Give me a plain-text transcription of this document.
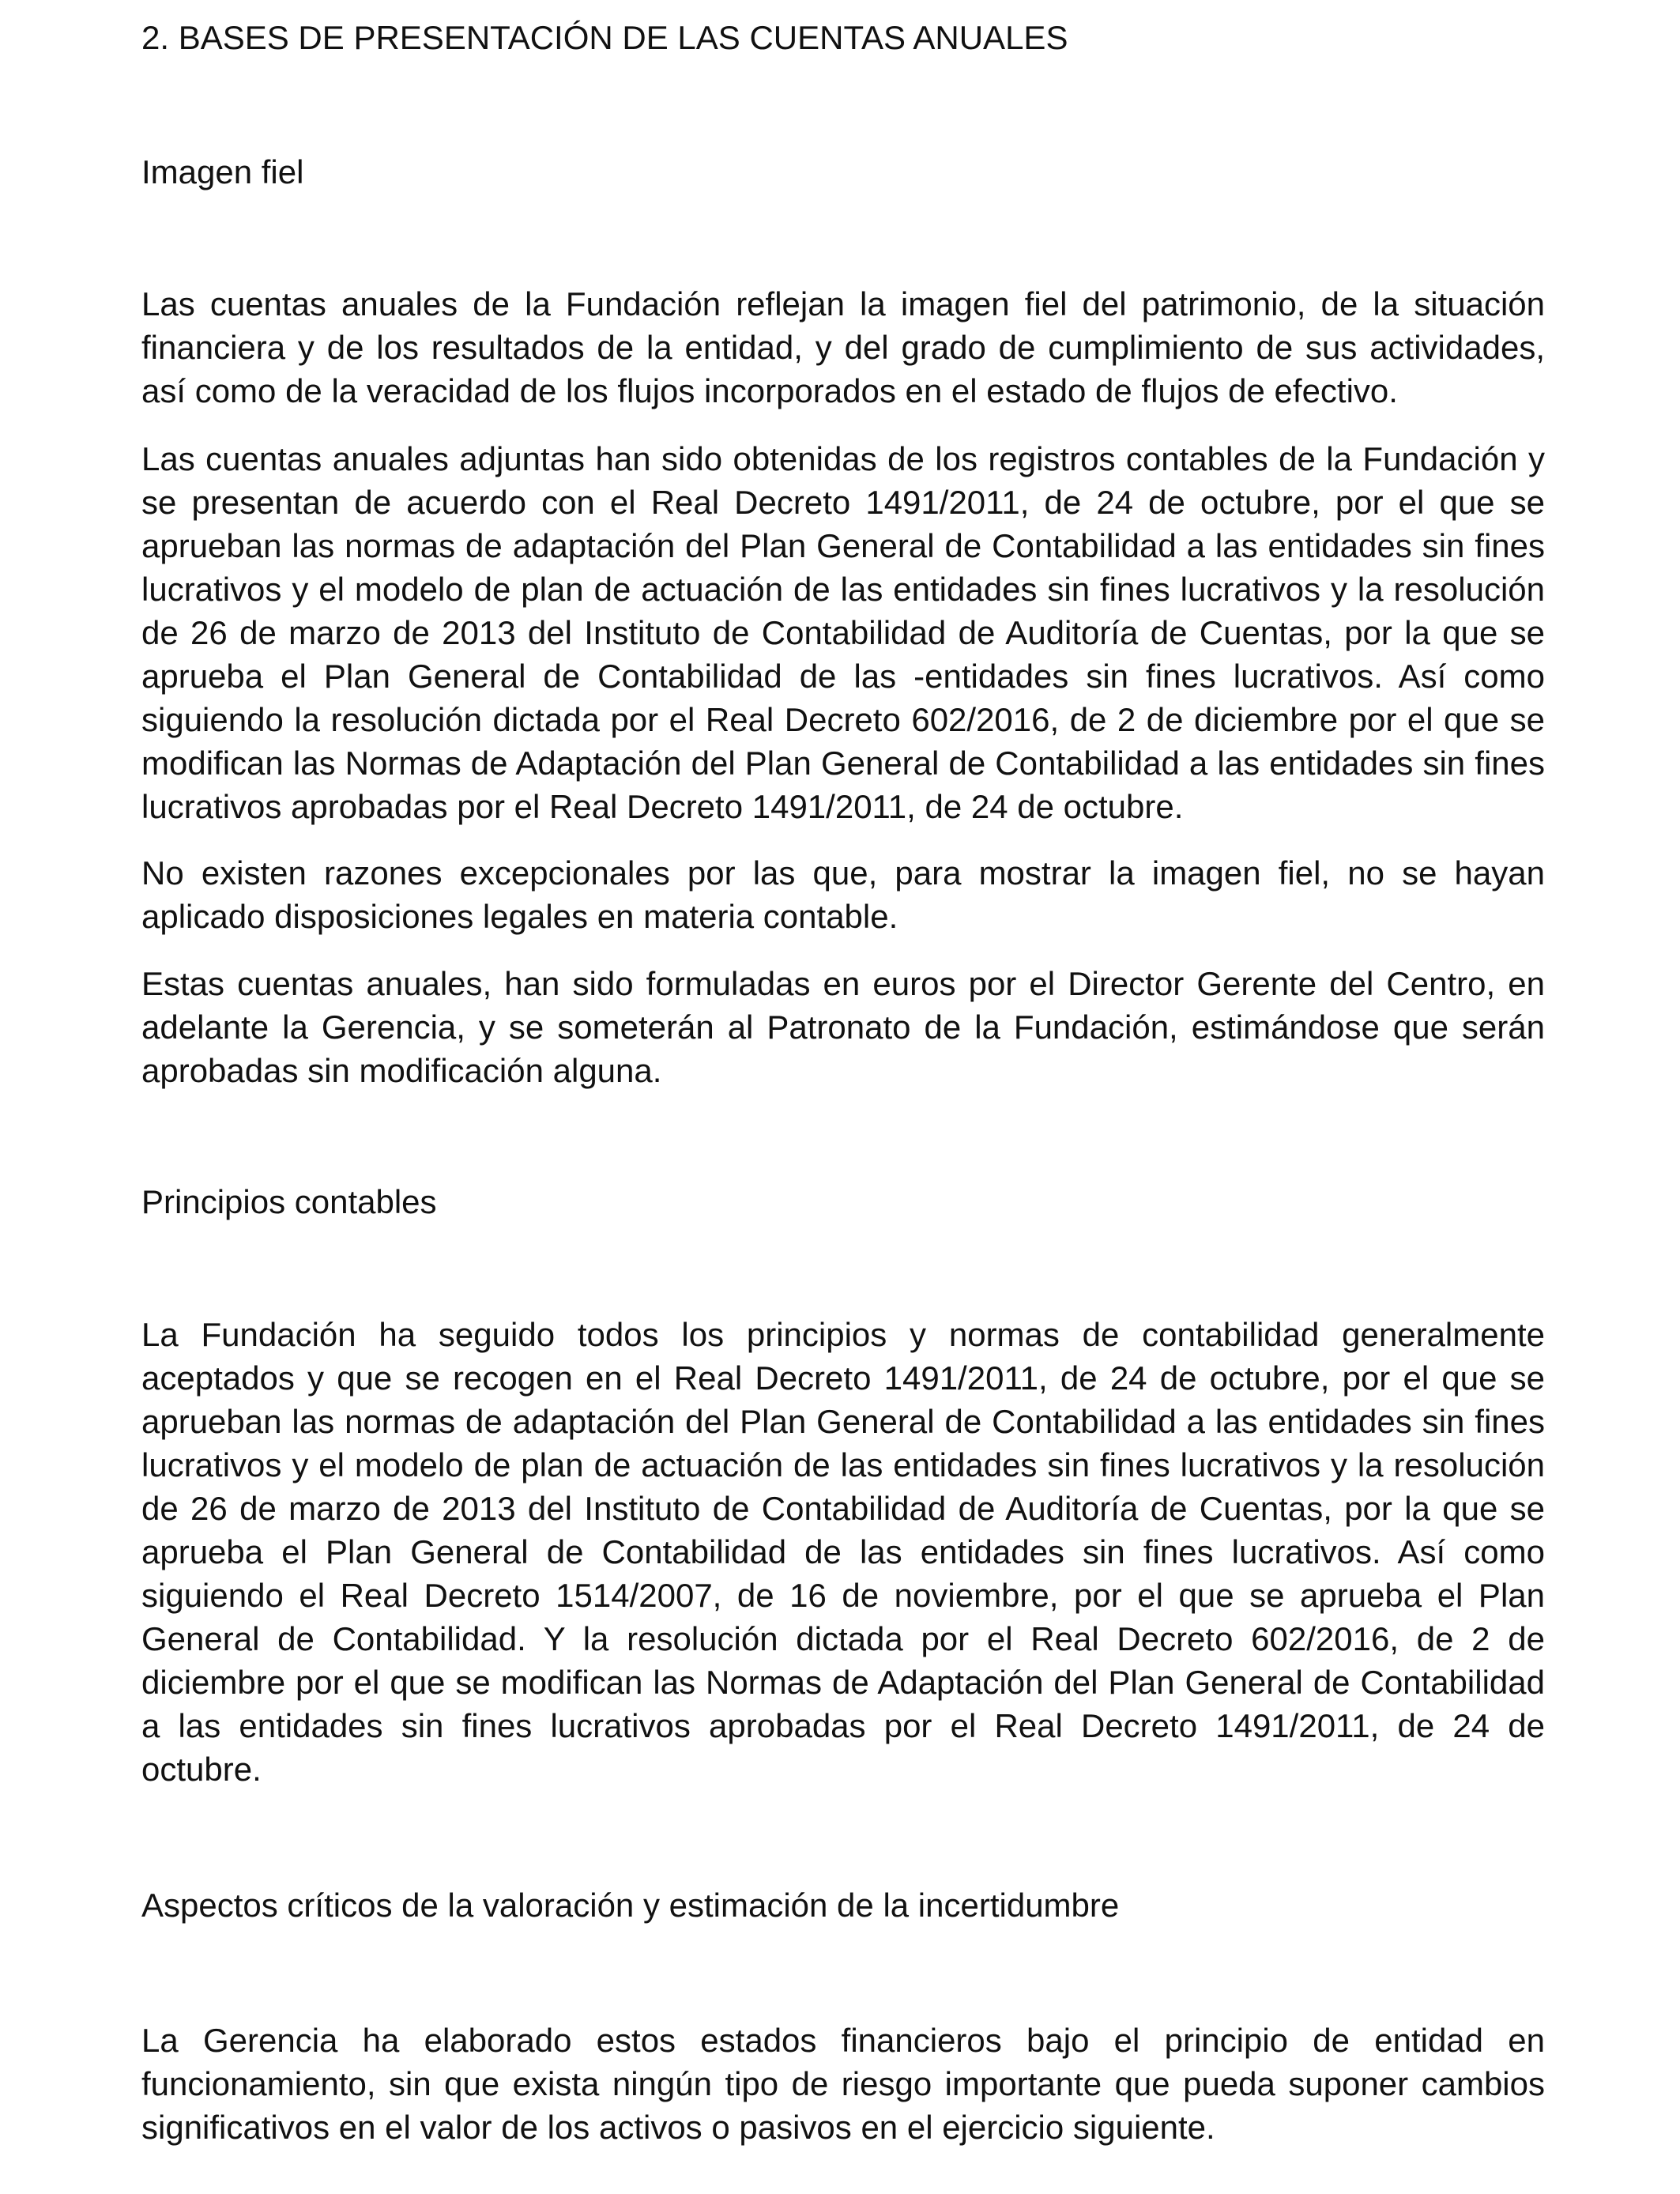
2. BASES DE PRESENTACIÓN DE LAS CUENTAS ANUALES

Imagen fiel

Las cuentas anuales de la Fundación reflejan la imagen fiel del patrimonio, de la situación financiera y de los resultados de la entidad, y del grado de cumplimiento de sus actividades, así como de la veracidad de los flujos incorporados en el estado de flujos de efectivo.

Las cuentas anuales adjuntas han sido obtenidas de los registros contables de la Fundación y se presentan de acuerdo con el Real Decreto 1491/2011, de 24 de octubre, por el que se aprueban las normas de adaptación del Plan General de Contabilidad a las entidades sin fines lucrativos y el modelo de plan de actuación de las entidades sin fines lucrativos y la resolución de 26 de marzo de 2013 del Instituto de Contabilidad de Auditoría de Cuentas, por la que se aprueba el Plan General de Contabilidad de las -entidades sin fines lucrativos. Así como siguiendo la resolución dictada por el Real Decreto 602/2016, de 2 de diciembre por el que se modifican las Normas de Adaptación del Plan General de Contabilidad a las entidades sin fines lucrativos aprobadas por el Real Decreto 1491/2011, de 24 de octubre.

No existen razones excepcionales por las que, para mostrar la imagen fiel, no se hayan aplicado disposiciones legales en materia contable.

Estas cuentas anuales, han sido formuladas en euros por el Director Gerente del Centro, en adelante la Gerencia, y se someterán al Patronato de la Fundación, estimándose que serán aprobadas sin modificación alguna.

Principios contables

La Fundación ha seguido todos los principios y normas de contabilidad generalmente aceptados y que se recogen en el Real Decreto 1491/2011, de 24 de octubre, por el que se aprueban las normas de adaptación del Plan General de Contabilidad a las entidades sin fines lucrativos y el modelo de plan de actuación de las entidades sin fines lucrativos y la resolución de 26 de marzo de 2013 del Instituto de Contabilidad de Auditoría de Cuentas, por la que se aprueba el Plan General de Contabilidad de las entidades sin fines lucrativos. Así como siguiendo el Real Decreto 1514/2007, de 16 de noviembre, por el que se aprueba el Plan General de Contabilidad. Y la resolución dictada por el Real Decreto 602/2016, de 2 de diciembre por el que se modifican las Normas de Adaptación del Plan General de Contabilidad a las entidades sin fines lucrativos aprobadas por el Real Decreto 1491/2011, de 24 de octubre.

Aspectos críticos de la valoración y estimación de la incertidumbre

La Gerencia ha elaborado estos estados financieros bajo el principio de entidad en funcionamiento, sin que exista ningún tipo de riesgo importante que pueda suponer cambios significativos en el valor de los activos o pasivos en el ejercicio siguiente.
